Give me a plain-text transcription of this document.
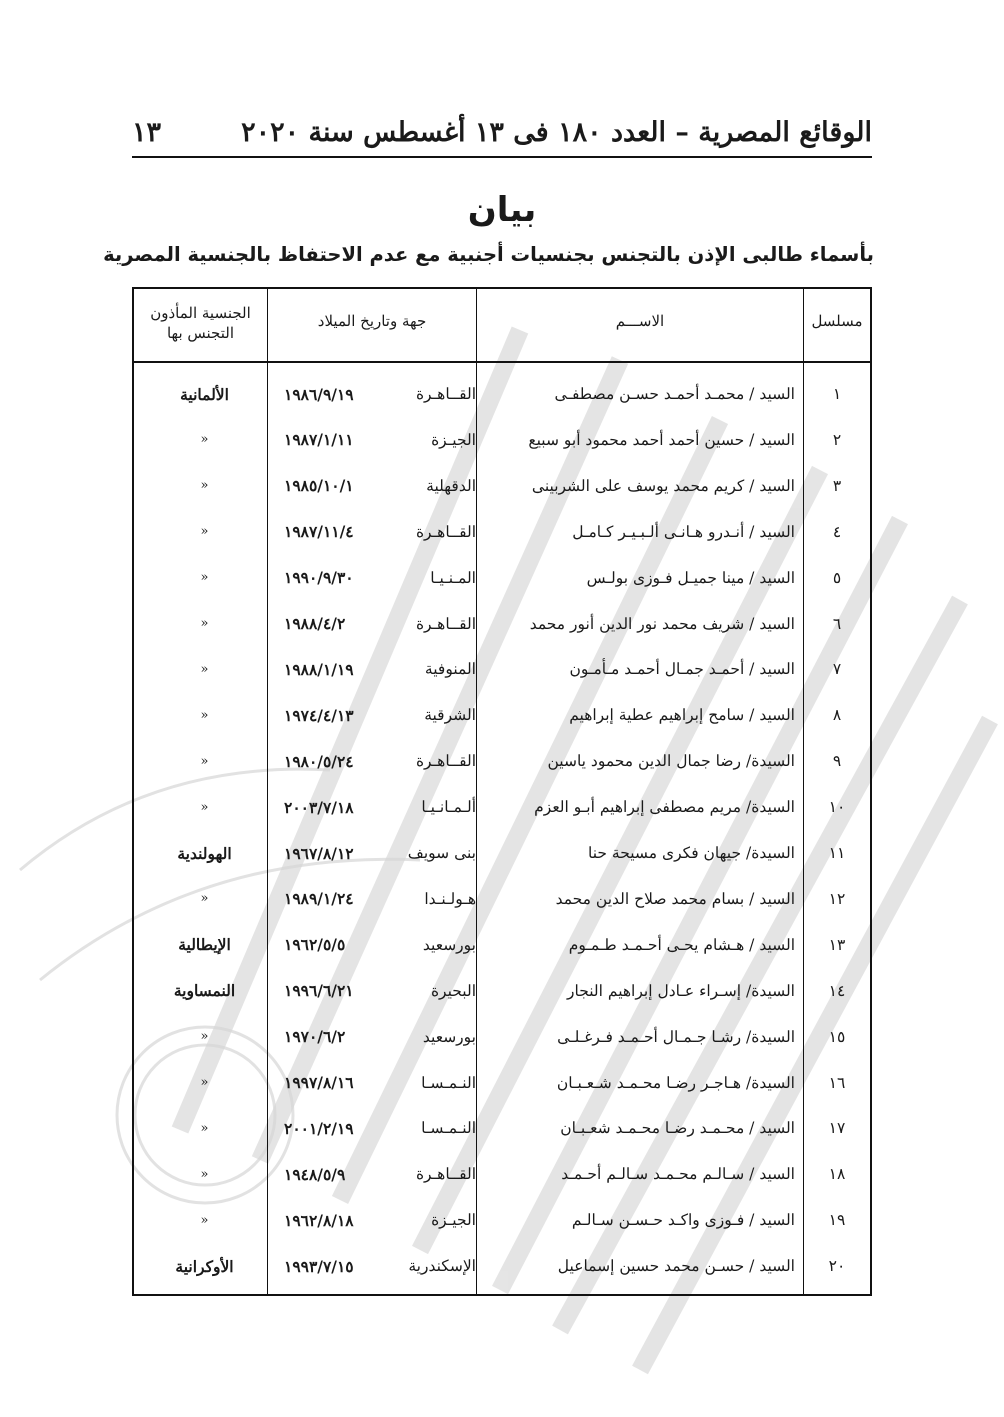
الوقائع المصرية – العدد ١٨٠ فى ١٣ أغسطس سنة ٢٠٢٠
١٣
بيان
بأسماء طالبى الإذن بالتجنس بجنسيات أجنبية مع عدم الاحتفاظ بالجنسية المصرية
مسلسل
الاســـم
جهة وتاريخ الميلاد
الجنسية المأذون التجنس بها
١
السيد / محمـد أحمـد حسـن مصطفـى
القــاهـرة
١٩٨٦/٩/١٩
الألمانية
٢
السيد / حسين أحمد أحمد محمود أبو سبيع
الجيـزة
١٩٨٧/١/١١
«
٣
السيد / كريم محمد يوسف على الشربينى
الدقهلية
١٩٨٥/١٠/١
«
٤
السيد / أنـدرو هـانـى ألـبـيـر كـامـل
القــاهـرة
١٩٨٧/١١/٤
«
٥
السيد / مينا جميـل فـوزى بولـس
المـنـيـا
١٩٩٠/٩/٣٠
«
٦
السيد / شريف محمد نور الدين أنور محمد
القــاهـرة
١٩٨٨/٤/٢
«
٧
السيد / أحمـد جمـال أحمـد مـأمـون
المنوفية
١٩٨٨/١/١٩
«
٨
السيد / سامح إبراهيم عطية إبراهيم
الشرقية
١٩٧٤/٤/١٣
«
٩
السيدة/ رضا جمال الدين محمود ياسين
القــاهـرة
١٩٨٠/٥/٢٤
«
١٠
السيدة/ مريم مصطفى إبراهيم أبـو العزم
ألـمـانـيـا
٢٠٠٣/٧/١٨
«
١١
السيدة/ جيهان فكرى مسيحة حنا
بنى سويف
١٩٦٧/٨/١٢
الهولندية
١٢
السيد / بسام محمد صلاح الدين محمد
هـولـنـدا
١٩٨٩/١/٢٤
«
١٣
السيد / هـشام يحـى أحـمـد طـمـوم
بورسعيد
١٩٦٢/٥/٥
الإيطالية
١٤
السيدة/ إسـراء عـادل إبراهيم النجار
البحيرة
١٩٩٦/٦/٢١
النمساوية
١٥
السيدة/ رشـا جـمـال أحـمـد فـرغـلـى
بورسعيد
١٩٧٠/٦/٢
«
١٦
السيدة/ هـاجـر رضـا محـمـد شـعـبـان
النـمـسـا
١٩٩٧/٨/١٦
«
١٧
السيد / محـمـد رضـا محـمـد شعـبـان
النـمـسـا
٢٠٠١/٢/١٩
«
١٨
السيد / سـالـم محـمـد سـالـم أحـمـد
القــاهـرة
١٩٤٨/٥/٩
«
١٩
السيد / فـوزى واكـد حـسـن سـالـم
الجيـزة
١٩٦٢/٨/١٨
«
٢٠
السيد / حسـن محمد حسين إسماعيل
الإسكندرية
١٩٩٣/٧/١٥
الأوكرانية
